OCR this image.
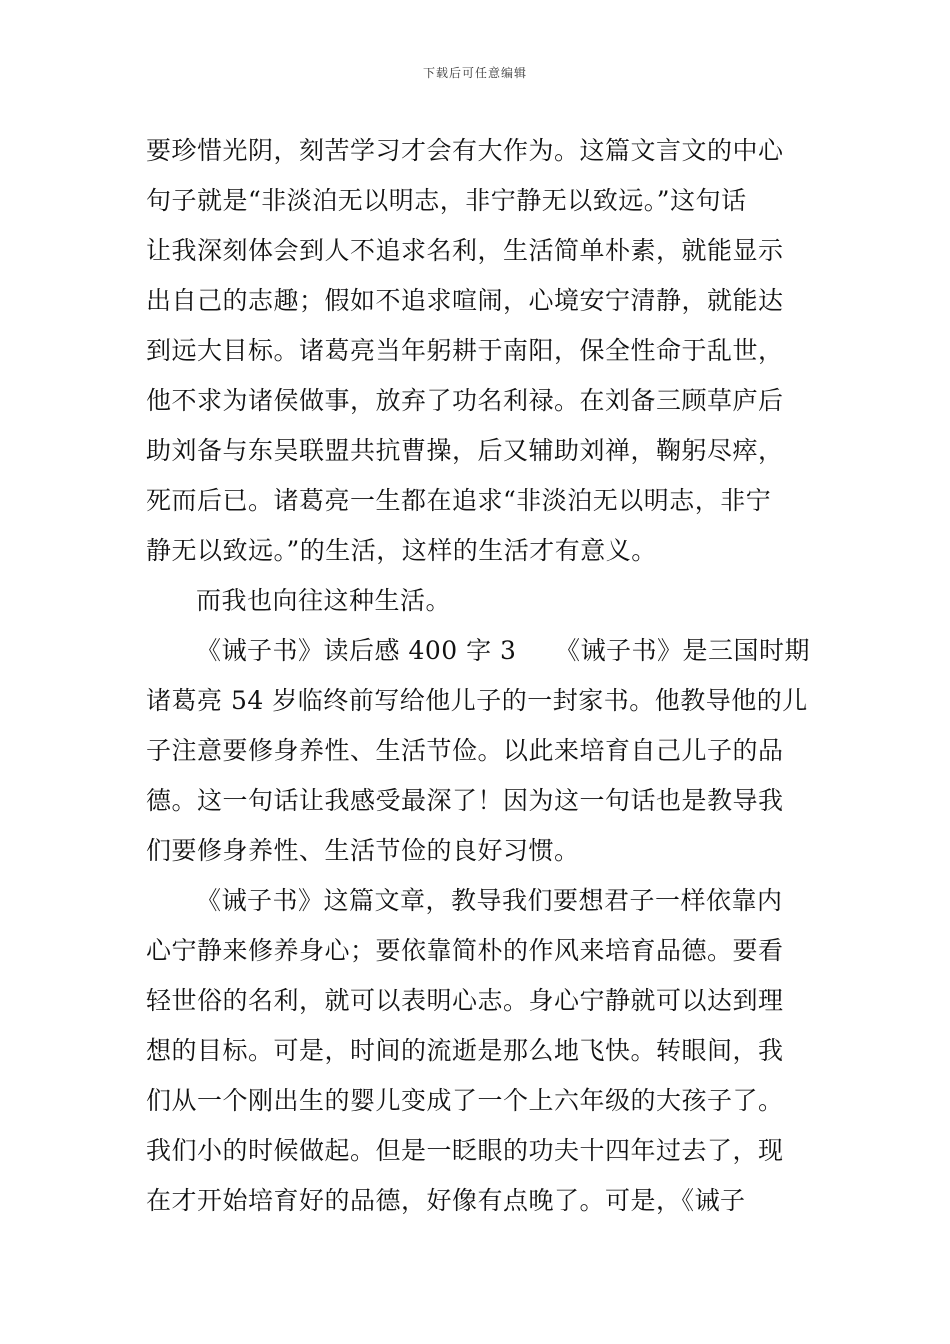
下载后可任意编辑
要珍惜光阴，刻苦学习才会有大作为。这篇文言文的中心
句子就是“非淡泊无以明志，非宁静无以致远。”这句话
让我深刻体会到人不追求名利，生活简单朴素，就能显示
出自己的志趣；假如不追求喧闹，心境安宁清静，就能达
到远大目标。诸葛亮当年躬耕于南阳，保全性命于乱世，
他不求为诸侯做事，放弃了功名利禄。在刘备三顾草庐后
助刘备与东吴联盟共抗曹操，后又辅助刘禅，鞠躬尽瘁，
死而后已。诸葛亮一生都在追求“非淡泊无以明志，非宁
静无以致远。”的生活，这样的生活才有意义。
而我也向往这种生活。
《诫子书》读后感 400 字 3　　《诫子书》是三国时期
诸葛亮 54 岁临终前写给他儿子的一封家书。他教导他的儿
子注意要修身养性、生活节俭。以此来培育自己儿子的品
德。这一句话让我感受最深了！因为这一句话也是教导我
们要修身养性、生活节俭的良好习惯。
《诫子书》这篇文章，教导我们要想君子一样依靠内
心宁静来修养身心；要依靠简朴的作风来培育品德。要看
轻世俗的名利，就可以表明心志。身心宁静就可以达到理
想的目标。可是，时间的流逝是那么地飞快。转眼间，我
们从一个刚出生的婴儿变成了一个上六年级的大孩子了。
我们小的时候做起。但是一眨眼的功夫十四年过去了，现
在才开始培育好的品德，好像有点晚了。可是，《诫子
